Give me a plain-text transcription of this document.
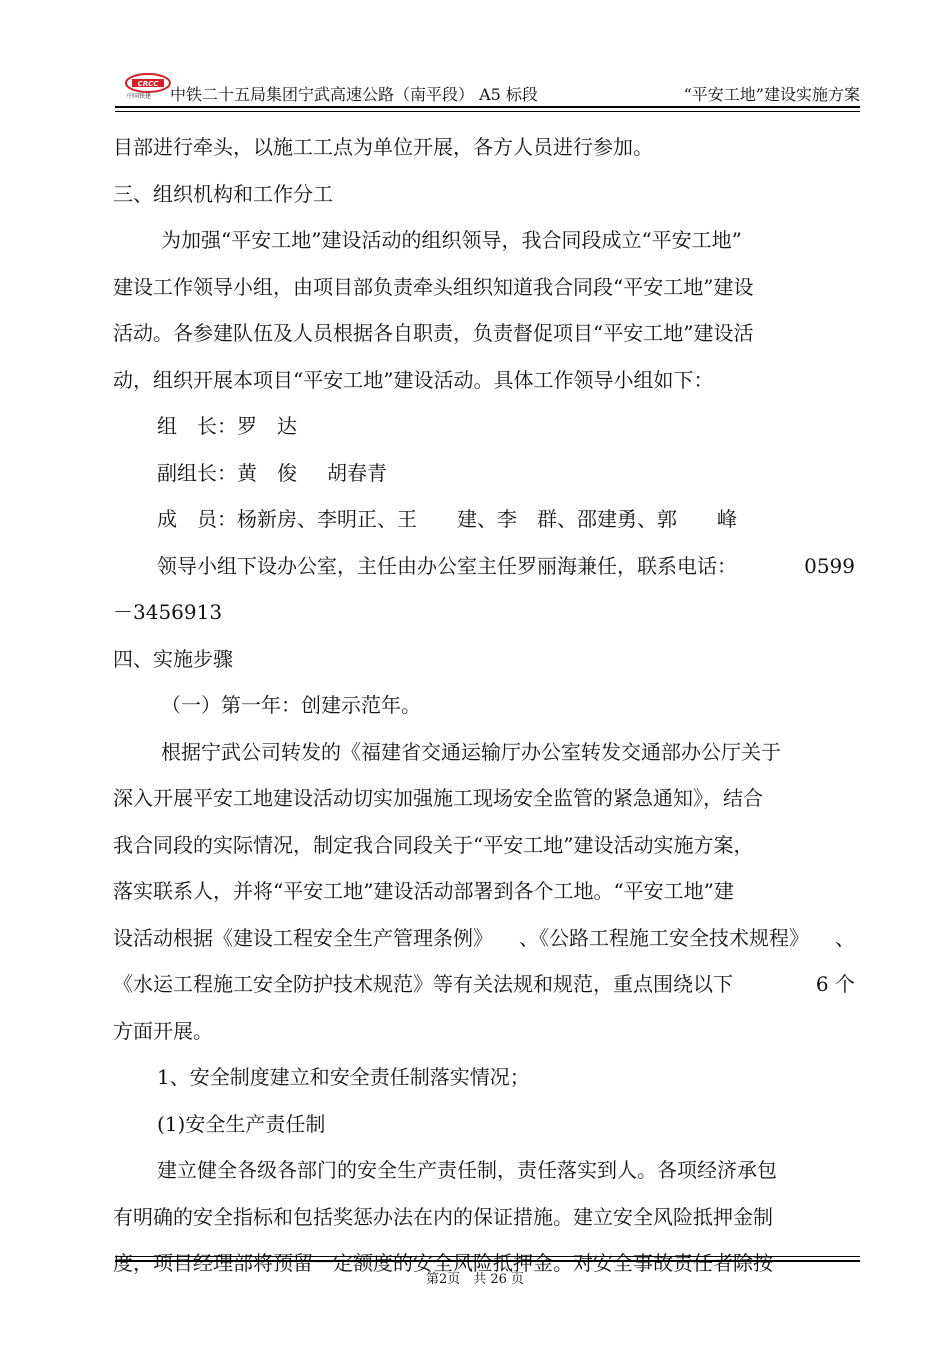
CRCC
中国铁建 中铁二十五局集团宁武高速公路（南平段） A5 标段	“平安工地”建设实施方案
目部进行牵头，以施工工点为单位开展，各方人员进行参加。
三、组织机构和工作分工
为加强“平安工地”建设活动的组织领导，我合同段成立“平安工地”
建设工作领导小组，由项目部负责牵头组织知道我合同段“平安工地”建设
活动。各参建队伍及人员根据各自职责，负责督促项目“平安工地”建设活
动，组织开展本项目“平安工地”建设活动。具体工作领导小组如下：
组　长：罗　达
副组长：黄　俊 胡春青
成　员：杨新房、李明正、王　　建、李　群、邵建勇、郭　　峰
领导小组下设办公室，主任由办公室主任罗丽海兼任，联系电话：	0599
－3456913
四、实施步骤
（一）第一年：创建示范年。
根据宁武公司转发的《福建省交通运输厅办公室转发交通部办公厅关于
深入开展平安工地建设活动切实加强施工现场安全监管的紧急通知》，结合
我合同段的实际情况，制定我合同段关于“平安工地”建设活动实施方案，
落实联系人，并将“平安工地”建设活动部署到各个工地。“平安工地”建
设活动根据《建设工程安全生产管理条例》 、《公路工程施工安全技术规程》 、
《水运工程施工安全防护技术规范》等有关法规和规范，重点围绕以下	6 个
方面开展。
1、安全制度建立和安全责任制落实情况；
(1)安全生产责任制
建立健全各级各部门的安全生产责任制，责任落实到人。各项经济承包
有明确的安全指标和包括奖惩办法在内的保证措施。建立安全风险抵押金制
度，项目经理部将预留一定额度的安全风险抵押金。对安全事故责任者除按
第2页　共 26 页
